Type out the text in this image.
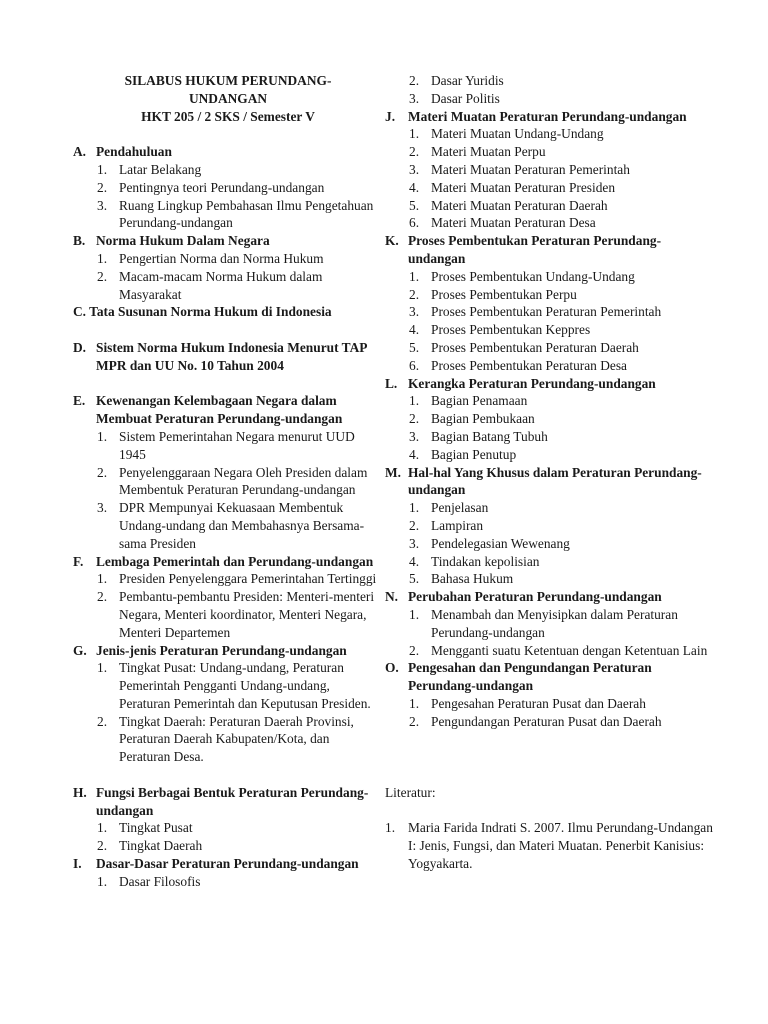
SILABUS HUKUM PERUNDANG-
UNDANGAN
HKT 205 / 2 SKS / Semester V
A. Pendahuluan
1. Latar Belakang
2. Pentingnya teori Perundang-undangan
3. Ruang Lingkup Pembahasan Ilmu Pengetahuan Perundang-undangan
B. Norma Hukum Dalam Negara
1. Pengertian Norma dan Norma Hukum
2. Macam-macam Norma Hukum dalam Masyarakat
C. Tata Susunan Norma Hukum di Indonesia
D. Sistem Norma Hukum Indonesia Menurut TAP MPR dan UU No. 10 Tahun 2004
E. Kewenangan Kelembagaan Negara dalam Membuat Peraturan Perundang-undangan
1. Sistem Pemerintahan Negara menurut UUD 1945
2. Penyelenggaraan Negara Oleh Presiden dalam Membentuk Peraturan Perundang-undangan
3. DPR Mempunyai Kekuasaan Membentuk Undang-undang dan Membahasnya Bersama-sama Presiden
F. Lembaga Pemerintah dan Perundang-undangan
1. Presiden Penyelenggara Pemerintahan Tertinggi
2. Pembantu-pembantu Presiden: Menteri-menteri Negara, Menteri koordinator, Menteri Negara, Menteri Departemen
G. Jenis-jenis Peraturan Perundang-undangan
1. Tingkat Pusat: Undang-undang, Peraturan Pemerintah Pengganti Undang-undang, Peraturan Pemerintah dan Keputusan Presiden.
2. Tingkat Daerah: Peraturan Daerah Provinsi, Peraturan Daerah Kabupaten/Kota, dan Peraturan Desa.
H. Fungsi Berbagai Bentuk Peraturan Perundang-undangan
1. Tingkat Pusat
2. Tingkat Daerah
I. Dasar-Dasar Peraturan Perundang-undangan
1. Dasar Filosofis
2. Dasar Yuridis
3. Dasar Politis
J. Materi Muatan Peraturan Perundang-undangan
1. Materi Muatan Undang-Undang
2. Materi Muatan Perpu
3. Materi Muatan Peraturan Pemerintah
4. Materi Muatan Peraturan Presiden
5. Materi Muatan Peraturan Daerah
6. Materi Muatan Peraturan Desa
K. Proses Pembentukan Peraturan Perundang-undangan
1. Proses Pembentukan Undang-Undang
2. Proses Pembentukan Perpu
3. Proses Pembentukan Peraturan Pemerintah
4. Proses Pembentukan Keppres
5. Proses Pembentukan Peraturan Daerah
6. Proses Pembentukan Peraturan Desa
L. Kerangka Peraturan Perundang-undangan
1. Bagian Penamaan
2. Bagian Pembukaan
3. Bagian Batang Tubuh
4. Bagian Penutup
M. Hal-hal Yang Khusus dalam Peraturan Perundang-undangan
1. Penjelasan
2. Lampiran
3. Pendelegasian Wewenang
4. Tindakan kepolisian
5. Bahasa Hukum
N. Perubahan Peraturan Perundang-undangan
1. Menambah dan Menyisipkan dalam Peraturan Perundang-undangan
2. Mengganti suatu Ketentuan dengan Ketentuan Lain
O. Pengesahan dan Pengundangan Peraturan Perundang-undangan
1. Pengesahan Peraturan Pusat dan Daerah
2. Pengundangan Peraturan Pusat dan Daerah
Literatur:
1. Maria Farida Indrati S. 2007. Ilmu Perundang-Undangan I: Jenis, Fungsi, dan Materi Muatan. Penerbit Kanisius: Yogyakarta.
